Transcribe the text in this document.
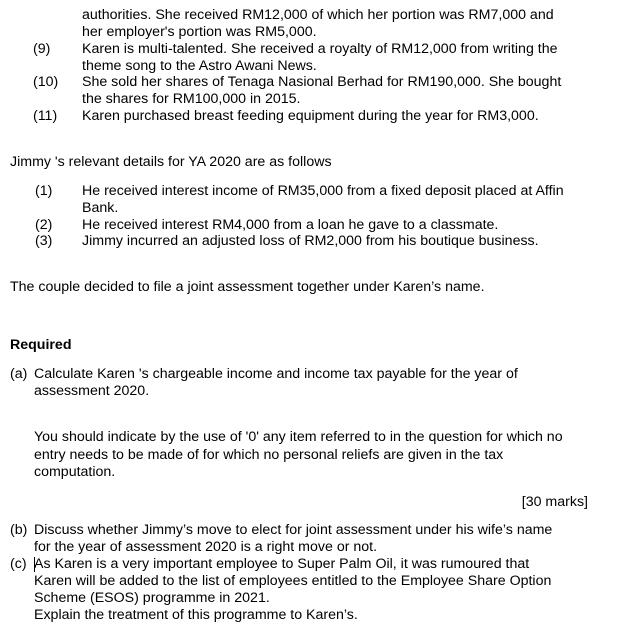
authorities. She received RM12,000 of which her portion was RM7,000 and
her employer's portion was RM5,000.
(9) Karen is multi-talented. She received a royalty of RM12,000 from writing the
theme song to the Astro Awani News.
(10) She sold her shares of Tenaga Nasional Berhad for RM190,000. She bought
the shares for RM100,000 in 2015.
(11) Karen purchased breast feeding equipment during the year for RM3,000.
Jimmy 's relevant details for YA 2020 are as follows
(1) He received interest income of RM35,000 from a fixed deposit placed at Affin
Bank.
(2) He received interest RM4,000 from a loan he gave to a classmate.
(3) Jimmy incurred an adjusted loss of RM2,000 from his boutique business.
The couple decided to file a joint assessment together under Karen’s name.
Required
(a) Calculate Karen 's chargeable income and income tax payable for the year of
assessment 2020.
You should indicate by the use of '0' any item referred to in the question for which no
entry needs to be made of for which no personal reliefs are given in the tax
computation.
[30 marks]
(b) Discuss whether Jimmy’s move to elect for joint assessment under his wife’s name
for the year of assessment 2020 is a right move or not.
(c) As Karen is a very important employee to Super Palm Oil, it was rumoured that
Karen will be added to the list of employees entitled to the Employee Share Option
Scheme (ESOS) programme in 2021.
Explain the treatment of this programme to Karen’s.
